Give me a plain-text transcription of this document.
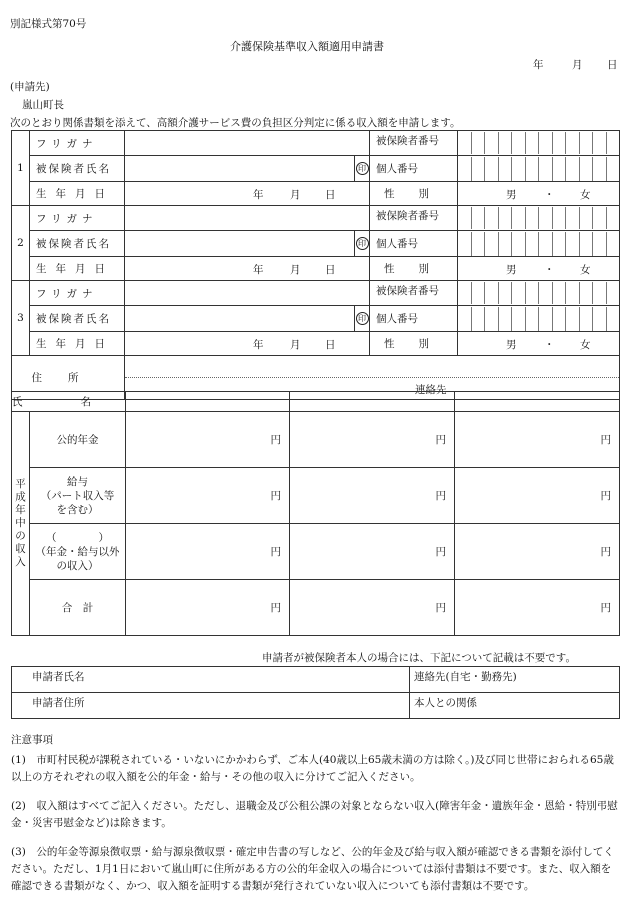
別記様式第70号
介護保険基準収入額適用申請書
年	月 日
(申請先)
嵐山町長
次のとおり関係書類を添えて、高額介護サービス費の負担区分判定に係る収入額を申請します。
1	フリガナ			被保険者番号	

	被保険者氏名		印	個人番号	

	生年月日	年 月 日		性別	男 ・ 女

2	フリガナ			被保険者番号	

	被保険者氏名		印	個人番号	

	生年月日	年 月 日		性別	男 ・ 女

3	フリガナ			被保険者番号	

	被保険者氏名		印	個人番号	

	生年月日	年 月 日		性別	男 ・ 女

住所		連絡先			
氏名				
平成 年中の収入	公的年金	円	円	円
	給与
（パート収入等
を含む）	円	円	円
	（　　　　）
（年金・給与以外
の収入）	円	円	円
	合　計	円	円	円
申請者が被保険者本人の場合には、下記について記載は不要です。
申請者氏名	連絡先(自宅・勤務先)
申請者住所	本人との関係
注意事項

(1)　市町村民税が課税されている・いないにかかわらず、ご本人(40歳以上65歳未満の方は除く。)及び同じ世帯におられる65歳以上の方それぞれの収入額を公的年金・給与・その他の収入に分けてご記入ください。

(2)　収入額はすべてご記入ください。ただし、退職金及び公租公課の対象とならない収入(障害年金・遺族年金・恩給・特別弔慰金・災害弔慰金など)は除きます。

(3)　公的年金等源泉徴収票・給与源泉徴収票・確定申告書の写しなど、公的年金及び給与収入額が確認できる書類を添付してください。ただし、1月1日において嵐山町に住所がある方の公的年金収入の場合については添付書類は不要です。また、収入額を確認できる書類がなく、かつ、収入額を証明する書類が発行されていない収入についても添付書類は不要です。
